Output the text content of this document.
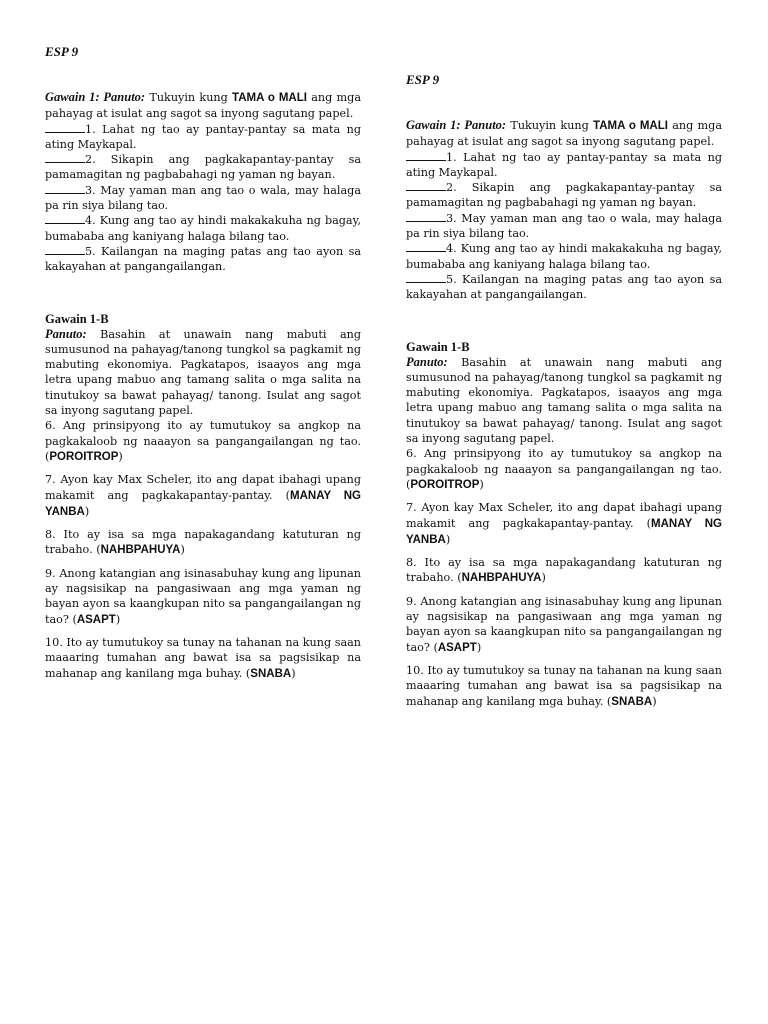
ESP 9

Gawain 1: Panuto: Tukuyin kung TAMA o MALI ang mga pahayag at isulat ang sagot sa inyong sagutang papel.

1. Lahat ng tao ay pantay-pantay sa mata ng ating Maykapal.

2. Sikapin ang pagkakapantay-pantay sa pamamagitan ng pagbabahagi ng yaman ng bayan.

3. May yaman man ang tao o wala, may halaga pa rin siya bilang tao.

4. Kung ang tao ay hindi makakakuha ng bagay, bumababa ang kaniyang halaga bilang tao.

5. Kailangan na maging patas ang tao ayon sa kakayahan at pangangailangan.

Gawain 1-B

Panuto: Basahin at unawain nang mabuti ang sumusunod na pahayag/tanong tungkol sa pagkamit ng mabuting ekonomiya. Pagkatapos, isaayos ang mga letra upang mabuo ang tamang salita o mga salita na tinutukoy sa bawat pahayag/ tanong. Isulat ang sagot sa inyong sagutang papel.

6. Ang prinsipyong ito ay tumutukoy sa angkop na pagkakaloob ng naaayon sa pangangailangan ng tao. (POROITROP)

7. Ayon kay Max Scheler, ito ang dapat ibahagi upang makamit ang pagkakapantay-pantay. (MANAY NG YANBA)

8. Ito ay isa sa mga napakagandang katuturan ng trabaho. (NAHBPAHUYA)

9. Anong katangian ang isinasabuhay kung ang lipunan ay nagsisikap na pangasiwaan ang mga yaman ng bayan ayon sa kaangkupan nito sa pangangailangan ng tao? (ASAPT)

10. Ito ay tumutukoy sa tunay na tahanan na kung saan maaaring tumahan ang bawat isa sa pagsisikap na mahanap ang kanilang mga buhay. (SNABA)

ESP 9

Gawain 1: Panuto: Tukuyin kung TAMA o MALI ang mga pahayag at isulat ang sagot sa inyong sagutang papel.

1. Lahat ng tao ay pantay-pantay sa mata ng ating Maykapal.

2. Sikapin ang pagkakapantay-pantay sa pamamagitan ng pagbabahagi ng yaman ng bayan.

3. May yaman man ang tao o wala, may halaga pa rin siya bilang tao.

4. Kung ang tao ay hindi makakakuha ng bagay, bumababa ang kaniyang halaga bilang tao.

5. Kailangan na maging patas ang tao ayon sa kakayahan at pangangailangan.

Gawain 1-B

Panuto: Basahin at unawain nang mabuti ang sumusunod na pahayag/tanong tungkol sa pagkamit ng mabuting ekonomiya. Pagkatapos, isaayos ang mga letra upang mabuo ang tamang salita o mga salita na tinutukoy sa bawat pahayag/ tanong. Isulat ang sagot sa inyong sagutang papel.

6. Ang prinsipyong ito ay tumutukoy sa angkop na pagkakaloob ng naaayon sa pangangailangan ng tao. (POROITROP)

7. Ayon kay Max Scheler, ito ang dapat ibahagi upang makamit ang pagkakapantay-pantay. (MANAY NG YANBA)

8. Ito ay isa sa mga napakagandang katuturan ng trabaho. (NAHBPAHUYA)

9. Anong katangian ang isinasabuhay kung ang lipunan ay nagsisikap na pangasiwaan ang mga yaman ng bayan ayon sa kaangkupan nito sa pangangailangan ng tao? (ASAPT)

10. Ito ay tumutukoy sa tunay na tahanan na kung saan maaaring tumahan ang bawat isa sa pagsisikap na mahanap ang kanilang mga buhay. (SNABA)
